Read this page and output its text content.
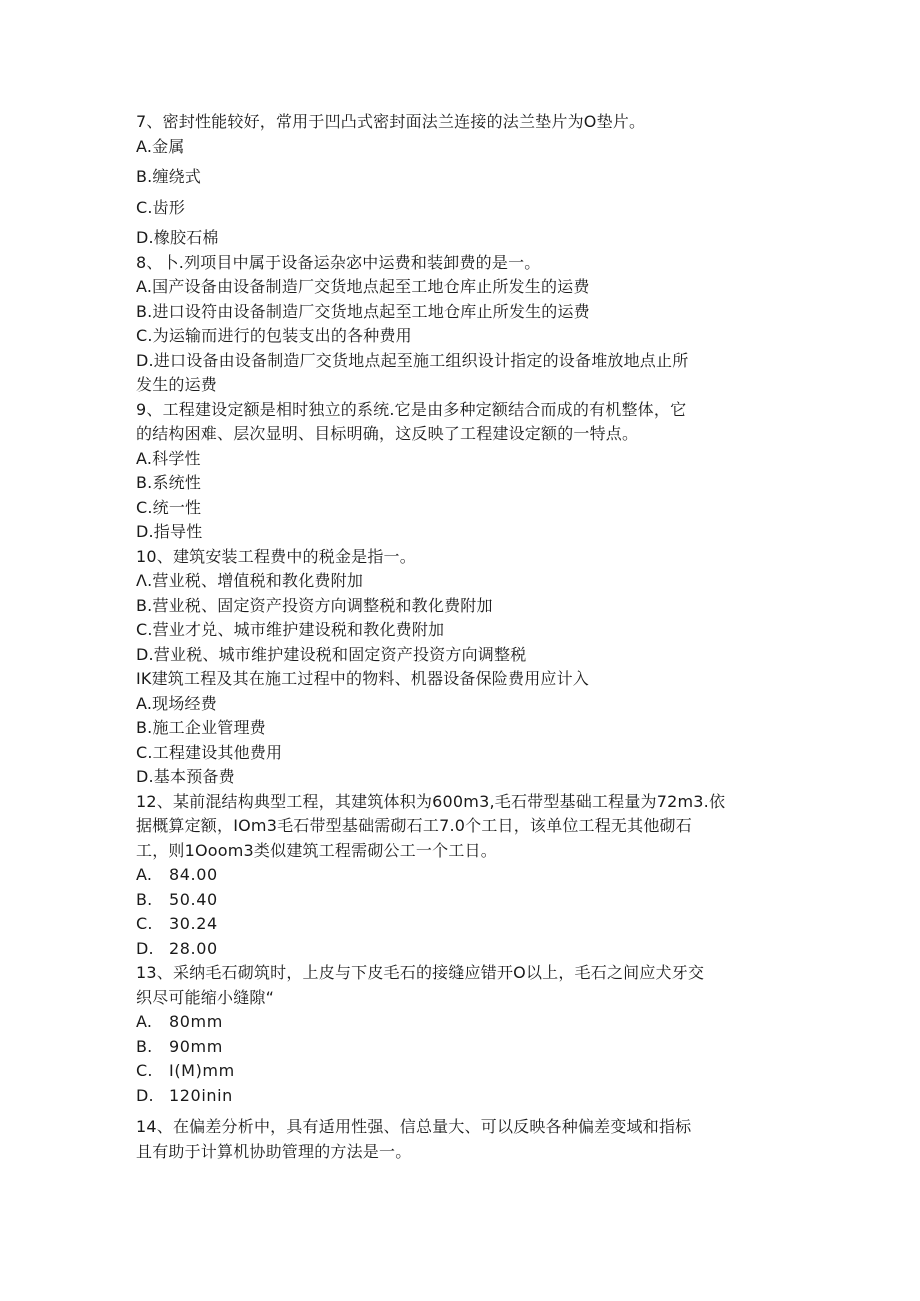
7、密封性能较好，常用于凹凸式密封面法兰连接的法兰垫片为O垫片。
A.金属
B.缠绕式
C.齿形
D.橡胶石棉
8、卜.列项目中属于设备运杂宓中运费和装卸费的是一。
A.国产设备由设备制造厂交货地点起至工地仓库止所发生的运费
B.进口设符由设备制造厂交货地点起至工地仓库止所发生的运费
C.为运输而进行的包装支出的各种费用
D.进口设备由设备制造厂交货地点起至施工组织设计指定的设备堆放地点止所
发生的运费
9、工程建设定额是相时独立的系统.它是由多种定额结合而成的有机整体，它
的结构困难、层次显明、目标明确，这反映了工程建设定额的一特点。
A.科学性
B.系统性
C.统一性
D.指导性
10、建筑安装工程费中的税金是指一。
Λ.营业税、增值税和教化费附加
B.营业税、固定资产投资方向调整税和教化费附加
C.营业才兑、城市维护建设税和教化费附加
D.营业税、城市维护建设税和固定资产投资方向调整税
IK建筑工程及其在施工过程中的物料、机器设备保险费用应计入
A.现场经费
B.施工企业管理费
C.工程建设其他费用
D.基本预备费
12、某前混结构典型工程，其建筑体积为600m3,毛石带型基础工程量为72m3.依
据概算定额，IOm3毛石带型基础需砌石工7.0个工日，该单位工程无其他砌石
工，则1Ooom3类似建筑工程需砌公工一个工日。
A. 84.00
B. 50.40
C. 30.24
D. 28.00
13、采纳毛石砌筑时，上皮与下皮毛石的接缝应错开O以上，毛石之间应犬牙交
织尽可能缩小缝隙“
A. 80mm
B. 90mm
C. I(M)mm
D. 120inin
14、在偏差分析中，具有适用性强、信总量大、可以反映各种偏差变域和指标
且有助于计算机协助管理的方法是一。
